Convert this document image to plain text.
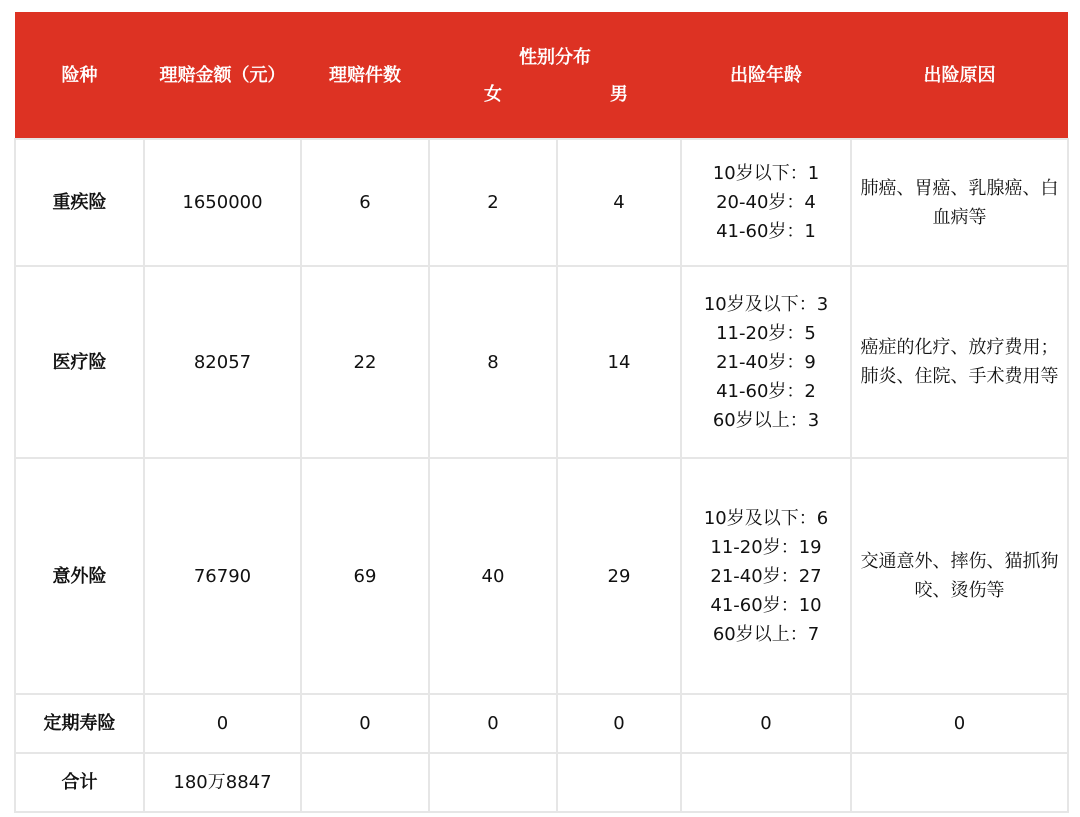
险种	理赔金额（元）	理赔件数	性别分布		出险年龄	出险原因
			女	男		
重疾险	1650000	6	2	4	10岁以下：1
20-40岁：4
41-60岁：1	肺癌、胃癌、乳腺癌、白血病等
医疗险	82057	22	8	14	10岁及以下：3
11-20岁：5
21-40岁：9
41-60岁：2
60岁以上：3	癌症的化疗、放疗费用；肺炎、住院、手术费用等
意外险	76790	69	40	29	10岁及以下：6
11-20岁：19
21-40岁：27
41-60岁：10
60岁以上：7	交通意外、摔伤、猫抓狗咬、烫伤等
定期寿险	0	0	0	0	0	0
合计	180万8847					
